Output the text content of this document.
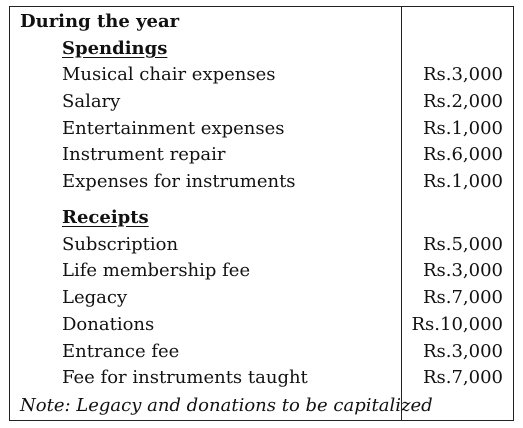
During the year
Spendings
Musical chair expenses	Rs.3,000
Salary	Rs.2,000
Entertainment expenses	Rs.1,000
Instrument repair	Rs.6,000
Expenses for instruments	Rs.1,000
Receipts
Subscription	Rs.5,000
Life membership fee	Rs.3,000
Legacy	Rs.7,000
Donations	Rs.10,000
Entrance fee	Rs.3,000
Fee for instruments taught	Rs.7,000
Note: Legacy and donations to be capitalized
